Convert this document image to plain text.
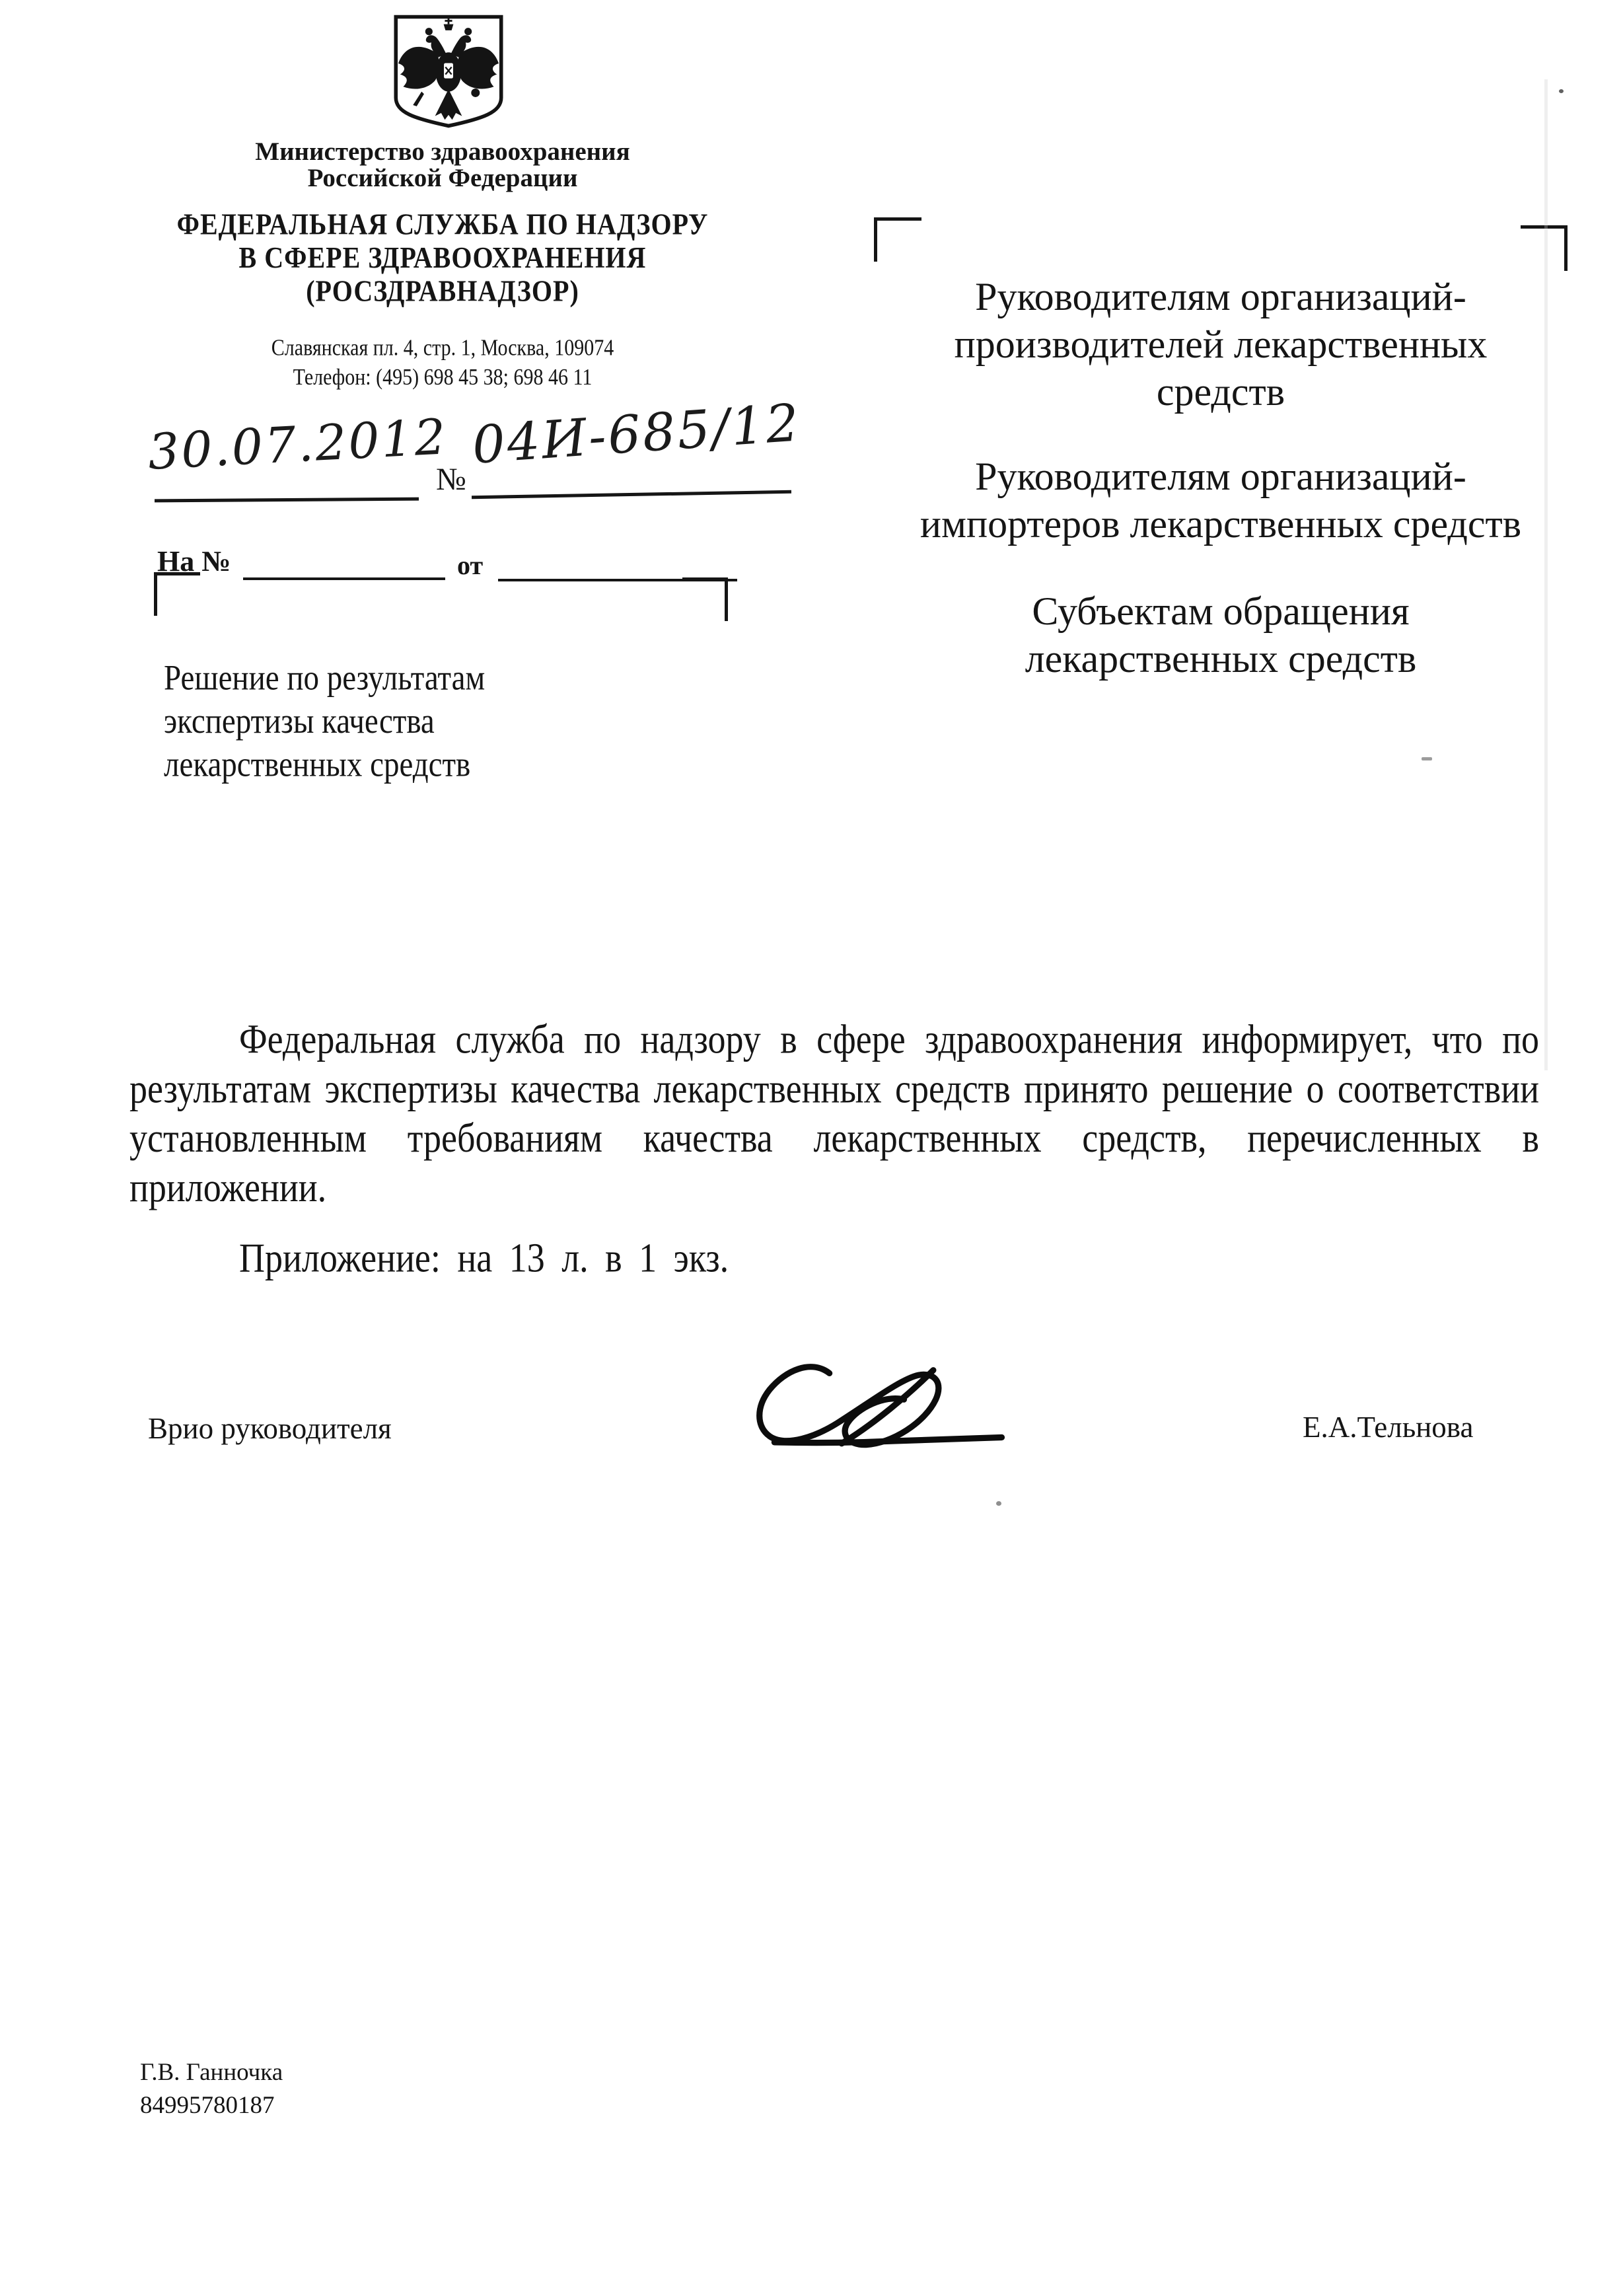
Министерство здравоохранения
Российской Федерации
ФЕДЕРАЛЬНАЯ СЛУЖБА ПО НАДЗОРУ
В СФЕРЕ ЗДРАВООХРАНЕНИЯ
(РОСЗДРАВНАДЗОР)
Славянская пл. 4, стр. 1, Москва, 109074
Телефон: (495) 698 45 38; 698 46 11
30.07.2012
№
04И-685/12
На №	от
Руководителям организаций-
производителей лекарственных
средств
Руководителям организаций-
импортеров лекарственных средств
Субъектам обращения
лекарственных средств
Решение по результатам
экспертизы качества
лекарственных средств
Федеральная служба по надзору в сфере здравоохранения информирует, что по результатам экспертизы качества лекарственных средств принято решение о соответствии установленным требованиям качества лекарственных средств, перечисленных в приложении.
Приложение: на 13 л. в 1 экз.
Врио руководителя	Е.А.Тельнова
Г.В. Ганночка
84995780187
